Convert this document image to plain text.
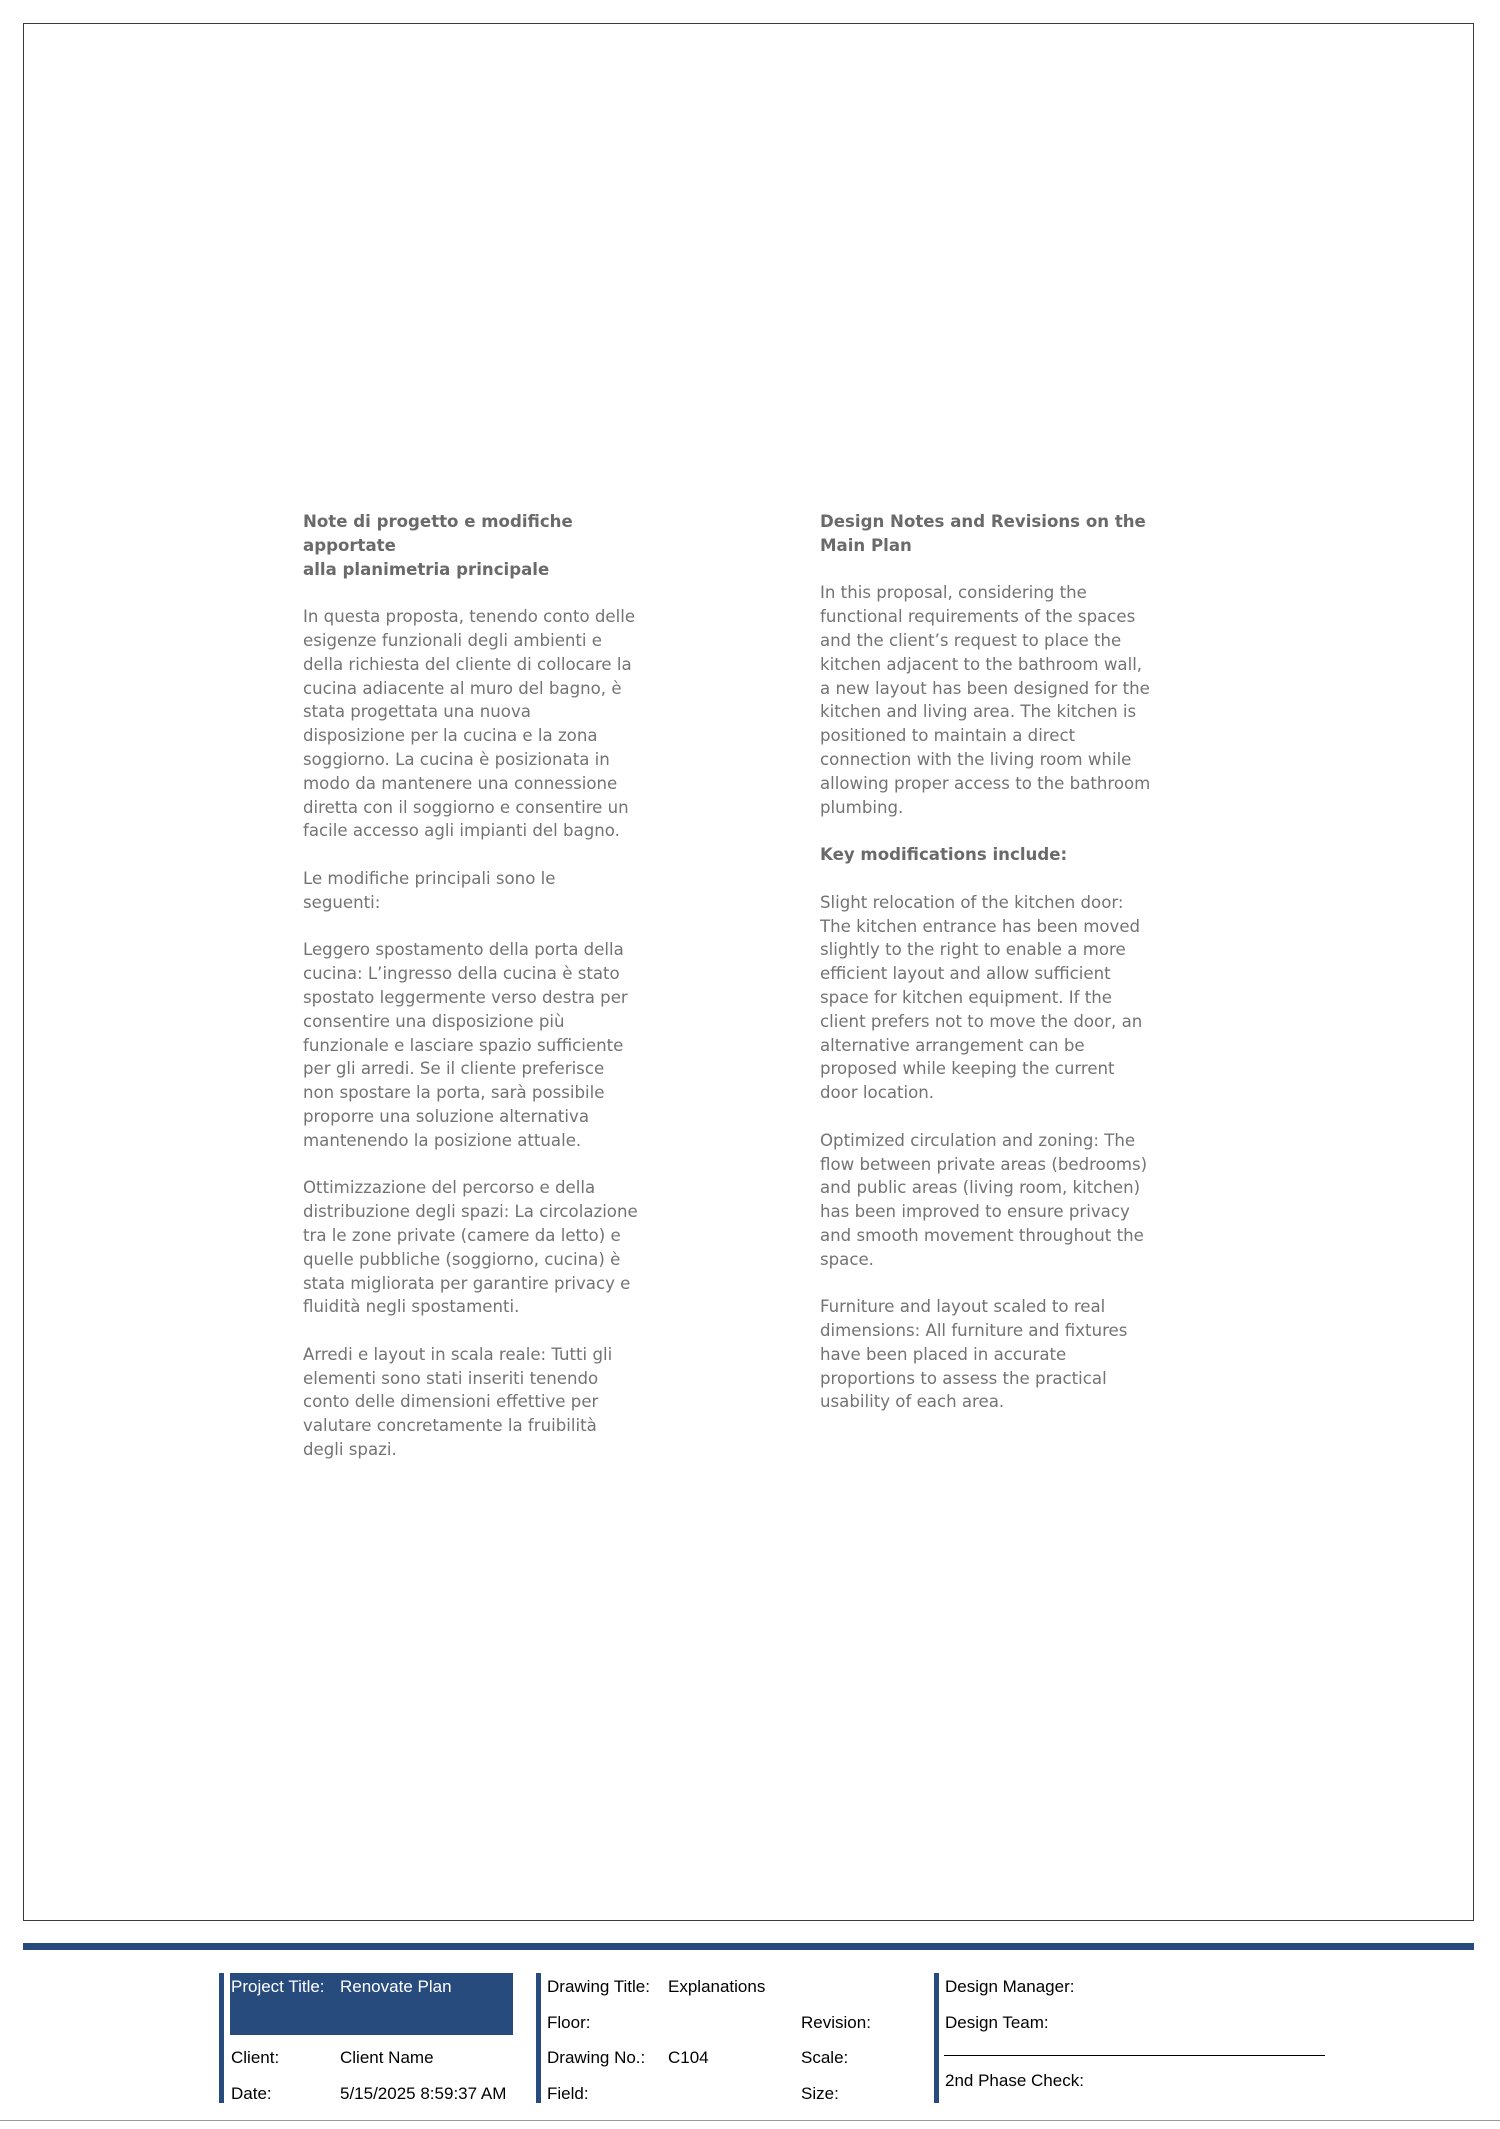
Note di progetto e modifiche apportate
alla planimetria principale

In questa proposta, tenendo conto delle esigenze funzionali degli ambienti e della richiesta del cliente di collocare la cucina adiacente al muro del bagno, è stata progettata una nuova disposizione per la cucina e la zona soggiorno. La cucina è posizionata in modo da mantenere una connessione diretta con il soggiorno e consentire un facile accesso agli impianti del bagno.

Le modifiche principali sono le seguenti:

Leggero spostamento della porta della cucina: L’ingresso della cucina è stato spostato leggermente verso destra per consentire una disposizione più funzionale e lasciare spazio sufficiente per gli arredi. Se il cliente preferisce non spostare la porta, sarà possibile proporre una soluzione alternativa mantenendo la posizione attuale.

Ottimizzazione del percorso e della distribuzione degli spazi: La circolazione tra le zone private (camere da letto) e quelle pubbliche (soggiorno, cucina) è stata migliorata per garantire privacy e fluidità negli spostamenti.

Arredi e layout in scala reale: Tutti gli elementi sono stati inseriti tenendo conto delle dimensioni effettive per valutare concretamente la fruibilità degli spazi.

Design Notes and Revisions on the
Main Plan

In this proposal, considering the functional requirements of the spaces and the client’s request to place the kitchen adjacent to the bathroom wall, a new layout has been designed for the kitchen and living area. The kitchen is positioned to maintain a direct connection with the living room while allowing proper access to the bathroom plumbing.

Key modifications include:

Slight relocation of the kitchen door: The kitchen entrance has been moved slightly to the right to enable a more efficient layout and allow sufficient space for kitchen equipment. If the client prefers not to move the door, an alternative arrangement can be proposed while keeping the current door location.

Optimized circulation and zoning: The flow between private areas (bedrooms) and public areas (living room, kitchen) has been improved to ensure privacy and smooth movement throughout the space.

Furniture and layout scaled to real dimensions: All furniture and fixtures have been placed in accurate proportions to assess the practical usability of each area.

Project Title: Renovate Plan
Client:	Client Name
Date:	5/15/2025 8:59:37 AM
Drawing Title: Explanations
Floor:
Drawing No.: C104
Field:
Revision:
Scale:
Size:
Design Manager:
Design Team:
2nd Phase Check:
